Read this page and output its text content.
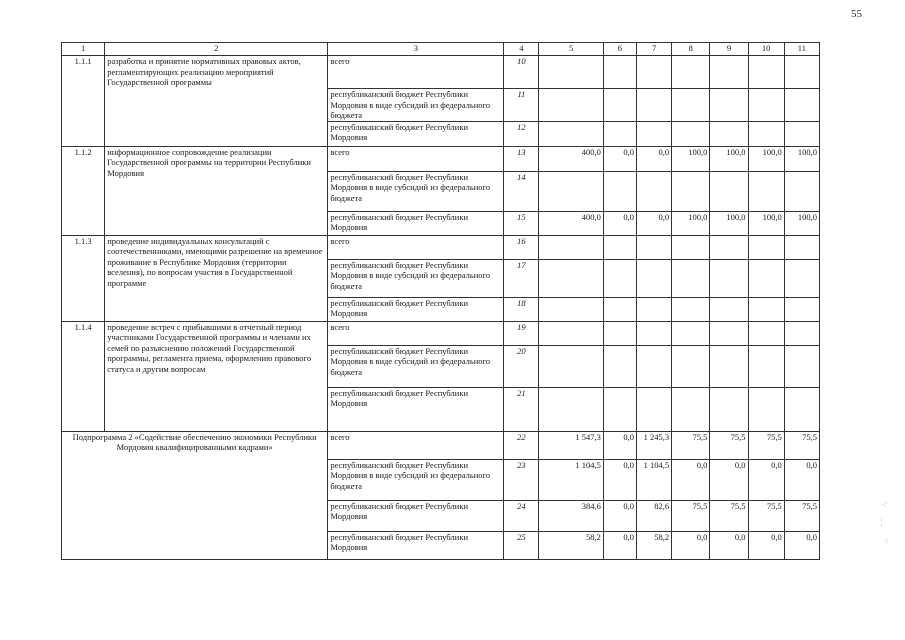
55
1	2	3	4	5	6	7	8	9	10	11
1.1.1	разработка и принятие нормативных правовых актов, регламентирующих реализацию мероприятий Государственной программы	всего	10							
		республиканский бюджет Республики Мордовия в виде субсидий из федерального бюджета	11							
		республиканский бюджет Республики Мордовия	12							
1.1.2	информационное сопровождение реализации Государственной программы на территории Республики Мордовия	всего	13	400,0	0,0	0,0	100,0	100,0	100,0	100,0
		республиканский бюджет Республики Мордовия в виде субсидий из федерального бюджета	14							
		республиканский бюджет Республики Мордовия	15	400,0	0,0	0,0	100,0	100,0	100,0	100,0
1.1.3	проведение индивидуальных консультаций с соотечественниками, имеющими разрешение на временное проживание в Республике Мордовия (территории вселения), по вопросам участия в Государственной программе	всего	16							
		республиканский бюджет Республики Мордовия в виде субсидий из федерального бюджета	17							
		республиканский бюджет Республики Мордовия	18							
1.1.4	проведение встреч с прибывшими в отчетный период участниками Государственной программы и членами их семей по разъяснению положений Государственной программы, регламента приема, оформлению правового статуса и другим вопросам	всего	19							
		республиканский бюджет Республики Мордовия в виде субсидий из федерального бюджета	20							
		республиканский бюджет Республики Мордовия	21							
Подпрограмма 2 «Содействие обеспечению экономики Республики Мордовия квалифицированными кадрами»		всего	22	1 547,3	0,0	1 245,3	75,5	75,5	75,5	75,5
		республиканский бюджет Республики Мордовия в виде субсидий из федерального бюджета	23	1 104,5	0,0	1 104,5	0,0	0,0	0,0	0,0
		республиканский бюджет Республики Мордовия	24	384,6	0,0	82,6	75,5	75,5	75,5	75,5
		республиканский бюджет Республики Мордовия	25	58,2	0,0	58,2	0,0	0,0	0,0	0,0
⁖
⁚
⁖
